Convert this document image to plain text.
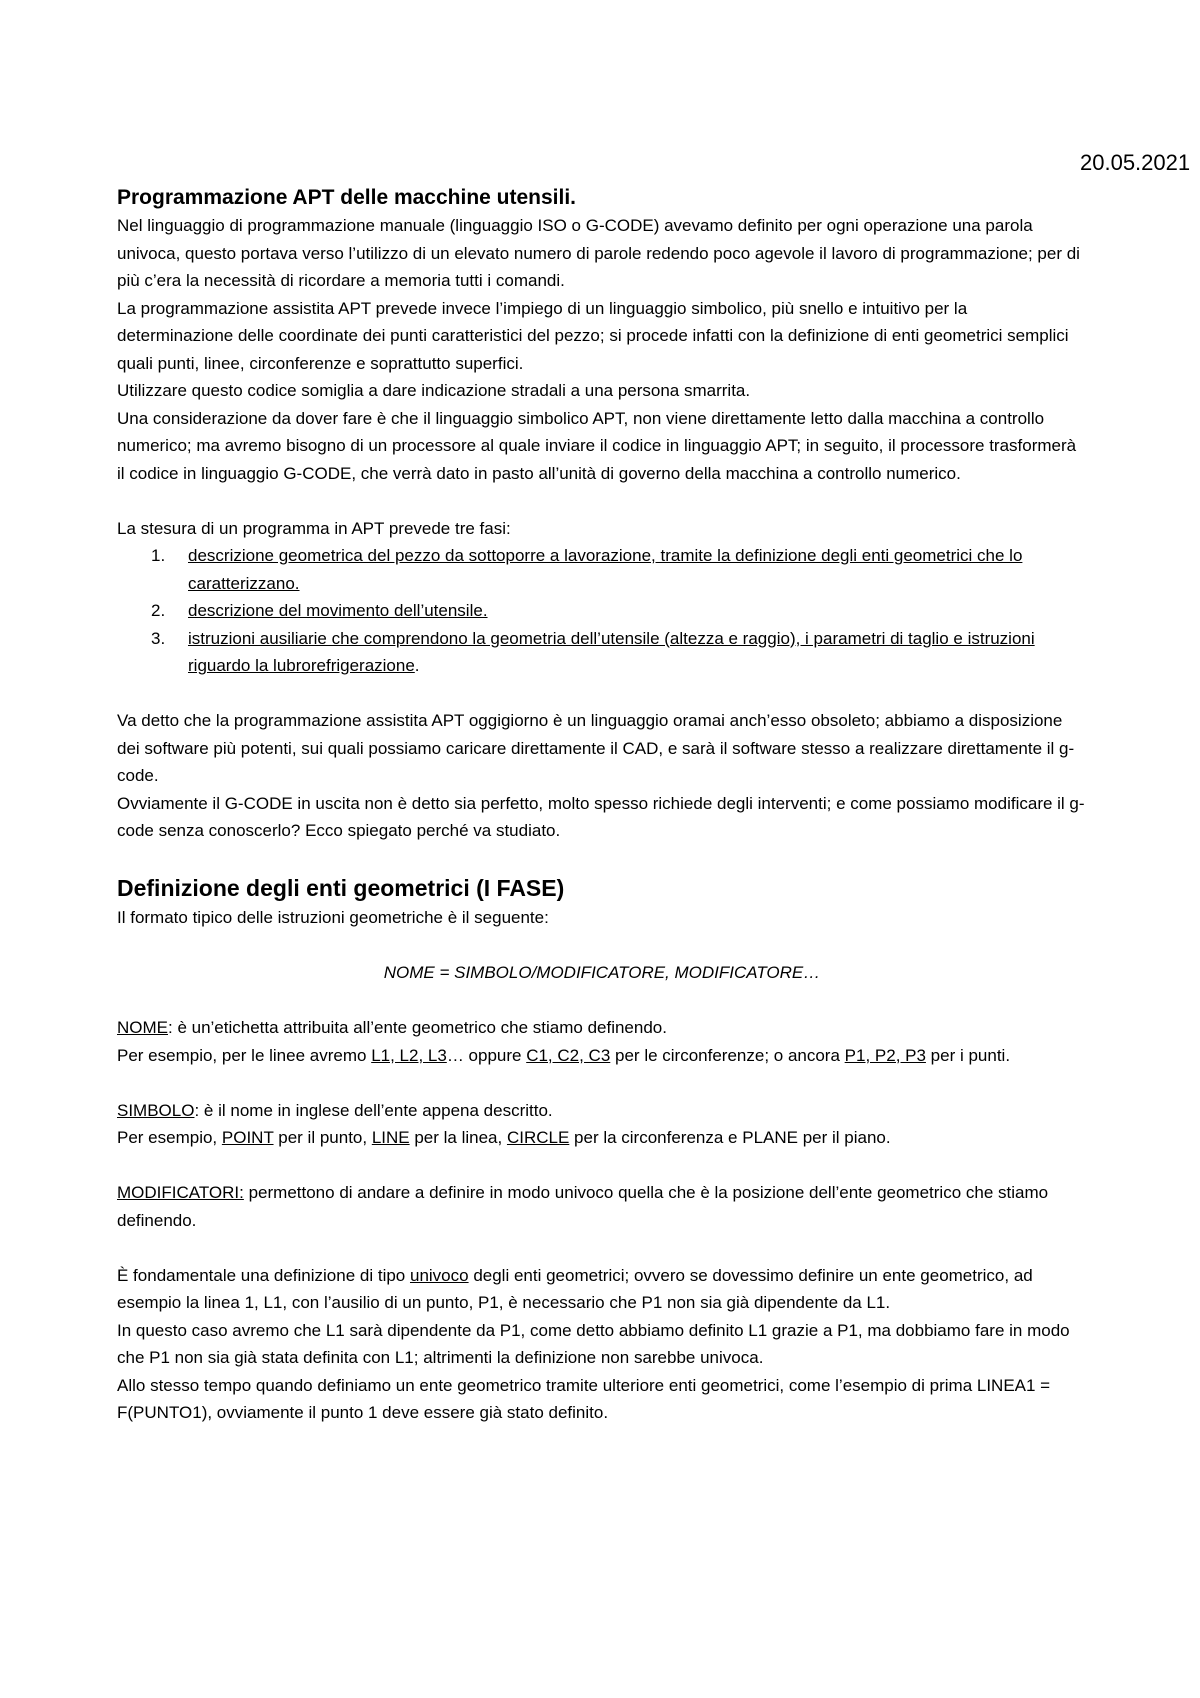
20.05.2021
Programmazione APT delle macchine utensili.

Nel linguaggio di programmazione manuale (linguaggio ISO o G-CODE) avevamo definito per ogni operazione una parola univoca, questo portava verso l’utilizzo di un elevato numero di parole redendo poco agevole il lavoro di programmazione; per di più c’era la necessità di ricordare a memoria tutti i comandi.

La programmazione assistita APT prevede invece l’impiego di un linguaggio simbolico, più snello e intuitivo per la determinazione delle coordinate dei punti caratteristici del pezzo; si procede infatti con la definizione di enti geometrici semplici quali punti, linee, circonferenze e soprattutto superfici.

Utilizzare questo codice somiglia a dare indicazione stradali a una persona smarrita.

Una considerazione da dover fare è che il linguaggio simbolico APT, non viene direttamente letto dalla macchina a controllo numerico; ma avremo bisogno di un processore al quale inviare il codice in linguaggio APT; in seguito, il processore trasformerà il codice in linguaggio G-CODE, che verrà dato in pasto all’unità di governo della macchina a controllo numerico.

La stesura di un programma in APT prevede tre fasi:

1. descrizione geometrica del pezzo da sottoporre a lavorazione, tramite la definizione degli enti geometrici che lo caratterizzano.
2. descrizione del movimento dell’utensile.
3. istruzioni ausiliarie che comprendono la geometria dell’utensile (altezza e raggio), i parametri di taglio e istruzioni riguardo la lubrorefrigerazione.

Va detto che la programmazione assistita APT oggigiorno è un linguaggio oramai anch’esso obsoleto; abbiamo a disposizione dei software più potenti, sui quali possiamo caricare direttamente il CAD, e sarà il software stesso a realizzare direttamente il g-code.

Ovviamente il G-CODE in uscita non è detto sia perfetto, molto spesso richiede degli interventi; e come possiamo modificare il g-code senza conoscerlo? Ecco spiegato perché va studiato.

Definizione degli enti geometrici (I FASE)

Il formato tipico delle istruzioni geometriche è il seguente:

NOME = SIMBOLO/MODIFICATORE, MODIFICATORE…

NOME: è un’etichetta attribuita all’ente geometrico che stiamo definendo.

Per esempio, per le linee avremo L1, L2, L3… oppure C1, C2, C3 per le circonferenze; o ancora P1, P2, P3 per i punti.

SIMBOLO: è il nome in inglese dell’ente appena descritto.

Per esempio, POINT per il punto, LINE per la linea, CIRCLE per la circonferenza e PLANE per il piano.

MODIFICATORI: permettono di andare a definire in modo univoco quella che è la posizione dell’ente geometrico che stiamo definendo.

È fondamentale una definizione di tipo univoco degli enti geometrici; ovvero se dovessimo definire un ente geometrico, ad esempio la linea 1, L1, con l’ausilio di un punto, P1, è necessario che P1 non sia già dipendente da L1.

In questo caso avremo che L1 sarà dipendente da P1, come detto abbiamo definito L1 grazie a P1, ma dobbiamo fare in modo che P1 non sia già stata definita con L1; altrimenti la definizione non sarebbe univoca.

Allo stesso tempo quando definiamo un ente geometrico tramite ulteriore enti geometrici, come l’esempio di prima LINEA1 = F(PUNTO1), ovviamente il punto 1 deve essere già stato definito.
